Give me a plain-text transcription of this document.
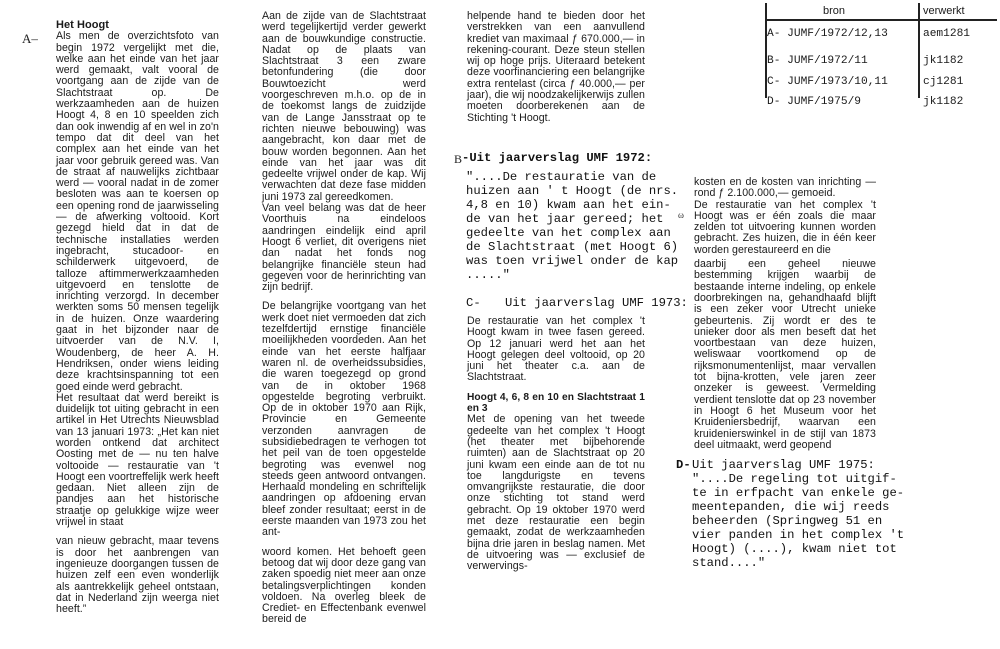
bron	verwerkt
A- JUMF/1972/12,13	aem1281
B- JUMF/1972/11	jk1182
C- JUMF/1973/10,11	cj1281
D- JUMF/1975/9	jk1182
A–

Het Hoogt

Als men de overzichtsfoto van begin 1972 vergelijkt met die, welke aan het einde van het jaar werd gemaakt, valt vooral de voortgang aan de zijde van de Slachtstraat op. De werkzaamheden aan de huizen Hoogt 4, 8 en 10 speelden zich dan ook inwendig af en wel in zo'n tempo dat dit deel van het complex aan het einde van het jaar voor gebruik gereed was. Van de straat af nauwelijks zichtbaar werd — vooral nadat in de zomer besloten was aan te koersen op een opening rond de jaarwisseling — de afwerking voltooid. Kort gezegd hield dat in dat de technische installaties werden ingebracht, stucadoor- en schilderwerk uitgevoerd, de talloze aftimmerwerkzaamheden uitgevoerd en tenslotte de inrichting verzorgd. In december werkten soms 50 mensen tegelijk in de huizen. Onze waardering gaat in het bijzonder naar de uitvoerder van de N.V. I, Woudenberg, de heer A. H. Hendriksen, onder wiens leiding deze krachtsinspanning tot een goed einde werd gebracht.

Het resultaat dat werd bereikt is duidelijk tot uiting gebracht in een artikel in Het Utrechts Nieuwsblad van 13 januari 1973: „Het kan niet worden ontkend dat architect Oosting met de — nu ten halve voltooide — restauratie van 't Hoogt een voortreffelijk werk heeft gedaan. Niet alleen zijn de pandjes aan het historische straatje op gelukkige wijze weer vrijwel in staat

van nieuw gebracht, maar tevens is door het aanbrengen van ingenieuze doorgangen tussen de huizen zelf een even wonderlijk als aantrekkelijk geheel ontstaan, dat in Nederland zijn weerga niet heeft.”

Aan de zijde van de Slachtstraat werd tegelijkertijd verder gewerkt aan de bouwkundige constructie. Nadat op de plaats van Slachtstraat 3 een zware betonfundering (die door Bouwtoezicht werd voorgeschreven m.h.o. op de in de toekomst langs de zuidzijde van de Lange Jansstraat op te richten nieuwe bebouwing) was aangebracht, kon daar met de bouw worden begonnen. Aan het einde van het jaar was dit gedeelte vrijwel onder de kap. Wij verwachten dat deze fase midden juni 1973 zal gereedkomen.

Van veel belang was dat de heer Voorthuis na eindeloos aandringen eindelijk eind april Hoogt 6 verliet, dit overigens niet dan nadat het fonds nog belangrijke financiële steun had gegeven voor de herinrichting van zijn bedrijf.

De belangrijke voortgang van het werk doet niet vermoeden dat zich tezelfdertijd ernstige financiële moeilijkheden voordeden. Aan het einde van het eerste halfjaar waren nl. de overheidssubsidies, die waren toegezegd op grond van de in oktober 1968 opgestelde begroting verbruikt. Op de in oktober 1970 aan Rijk, Provincie en Gemeente verzonden aanvragen de subsidiebedragen te verhogen tot het peil van de toen opgestelde begroting was evenwel nog steeds geen antwoord ontvangen. Herhaald mondeling en schriftelijk aandringen op afdoening ervan bleef zonder resultaat; eerst in de eerste maanden van 1973 zou het ant-

woord komen. Het behoeft geen betoog dat wij door deze gang van zaken spoedig niet meer aan onze betalingsverplichtingen konden voldoen. Na overleg bleek de Crediet- en Effectenbank evenwel bereid de

helpende hand te bieden door het verstrekken van een aanvullend krediet van maximaal ƒ 670.000,— in rekening-courant. Deze steun stellen wij op hoge prijs. Uiteraard betekent deze voorfinanciering een belangrijke extra rentelast (circa ƒ 40.000,— per jaar), die wij noodzakelijkerwijs zullen moeten doorberekenen aan de Stichting 't Hoogt.

B -Uit jaarverslag UMF 1972:
"....De restauratie van de
huizen aan ' t Hoogt (de nrs.
4,8 en 10) kwam aan het ein-
de van het jaar gereed; het
gedeelte van het complex aan
de Slachtstraat (met Hoogt 6)
was toen vrijwel onder de kap
....."
ω
C- Uit jaarverslag UMF 1973:

De restauratie van het complex 't Hoogt kwam in twee fasen gereed. Op 12 januari werd het aan het Hoogt gelegen deel voltooid, op 20 juni het theater c.a. aan de Slachtstraat.

Hoogt 4, 6, 8 en 10 en Slachtstraat 1 en 3

Met de opening van het tweede gedeelte van het complex 't Hoogt (het theater met bijbehorende ruimten) aan de Slachtstraat op 20 juni kwam een einde aan de tot nu toe langdurigste en tevens omvangrijkste restauratie, die door onze stichting tot stand werd gebracht. Op 19 oktober 1970 werd met deze restauratie een begin gemaakt, zodat de werkzaamheden bijna drie jaren in beslag namen. Met de uitvoering was — exclusief de verwervings-

kosten en de kosten van inrichting — rond ƒ 2.100.000,— gemoeid.

De restauratie van het complex 't Hoogt was er één zoals die maar zelden tot uitvoering kunnen worden gebracht. Zes huizen, die in één keer worden gerestaureerd en die

daarbij een geheel nieuwe bestemming krijgen waarbij de bestaande interne indeling, op enkele doorbrekingen na, gehandhaafd blijft is een zeker voor Utrecht unieke gebeurtenis. Zij wordt er des te unieker door als men beseft dat het voortbestaan van deze huizen, weliswaar voortkomend op de rijksmonumentenlijst, maar vervallen tot bijna-krotten, vele jaren zeer onzeker is geweest. Vermelding verdient tenslotte dat op 23 november in Hoogt 6 het Museum voor het Kruideniersbedrijf, waarvan een kruidenierswinkel in de stijl van 1873 deel uitmaakt, werd geopend

D- Uit jaarverslag UMF 1975:
"....De regeling tot uitgif-
te in erfpacht van enkele ge-
meentepanden, die wij reeds
beheerden (Springweg 51 en
vier panden in het complex 't
Hoogt) (....), kwam niet tot
stand...."
